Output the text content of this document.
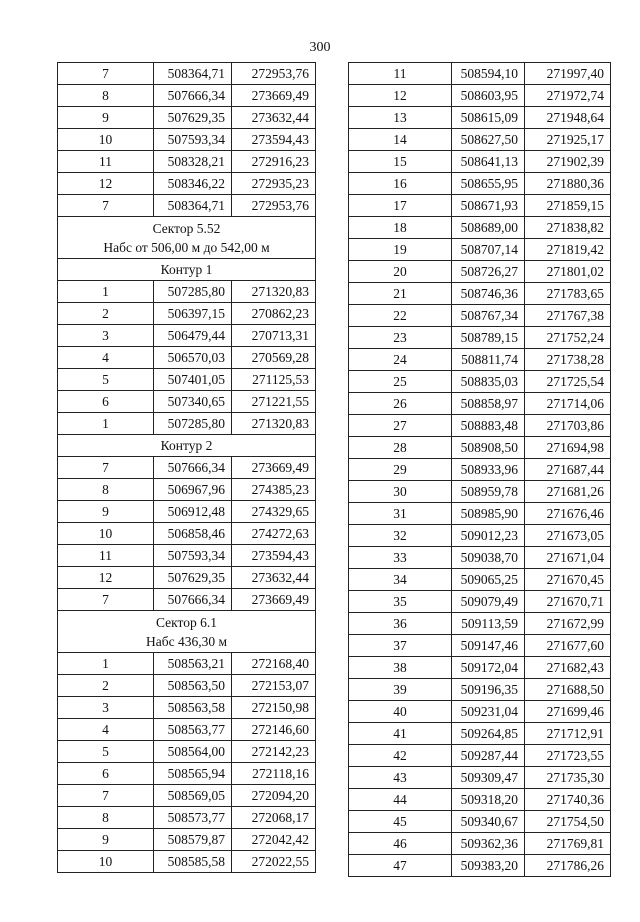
300
7	508364,71	272953,76
8	507666,34	273669,49
9	507629,35	273632,44
10	507593,34	273594,43
11	508328,21	272916,23
12	508346,22	272935,23
7	508364,71	272953,76

Сектор 5.52
Набс от 506,00 м до 542,00 м		

Контур 1		
1	507285,80	271320,83
2	506397,15	270862,23
3	506479,44	270713,31
4	506570,03	270569,28
5	507401,05	271125,53
6	507340,65	271221,55
1	507285,80	271320,83
Контур 2		
7	507666,34	273669,49
8	506967,96	274385,23
9	506912,48	274329,65
10	506858,46	274272,63
11	507593,34	273594,43
12	507629,35	273632,44
7	507666,34	273669,49

Сектор 6.1
Набс 436,30 м		

1	508563,21	272168,40
2	508563,50	272153,07
3	508563,58	272150,98
4	508563,77	272146,60
5	508564,00	272142,23
6	508565,94	272118,16
7	508569,05	272094,20
8	508573,77	272068,17
9	508579,87	272042,42
10	508585,58	272022,55
11	508594,10	271997,40
12	508603,95	271972,74
13	508615,09	271948,64
14	508627,50	271925,17
15	508641,13	271902,39
16	508655,95	271880,36
17	508671,93	271859,15
18	508689,00	271838,82
19	508707,14	271819,42
20	508726,27	271801,02
21	508746,36	271783,65
22	508767,34	271767,38
23	508789,15	271752,24
24	508811,74	271738,28
25	508835,03	271725,54
26	508858,97	271714,06
27	508883,48	271703,86
28	508908,50	271694,98
29	508933,96	271687,44
30	508959,78	271681,26
31	508985,90	271676,46
32	509012,23	271673,05
33	509038,70	271671,04
34	509065,25	271670,45
35	509079,49	271670,71
36	509113,59	271672,99
37	509147,46	271677,60
38	509172,04	271682,43
39	509196,35	271688,50
40	509231,04	271699,46
41	509264,85	271712,91
42	509287,44	271723,55
43	509309,47	271735,30
44	509318,20	271740,36
45	509340,67	271754,50
46	509362,36	271769,81
47	509383,20	271786,26
